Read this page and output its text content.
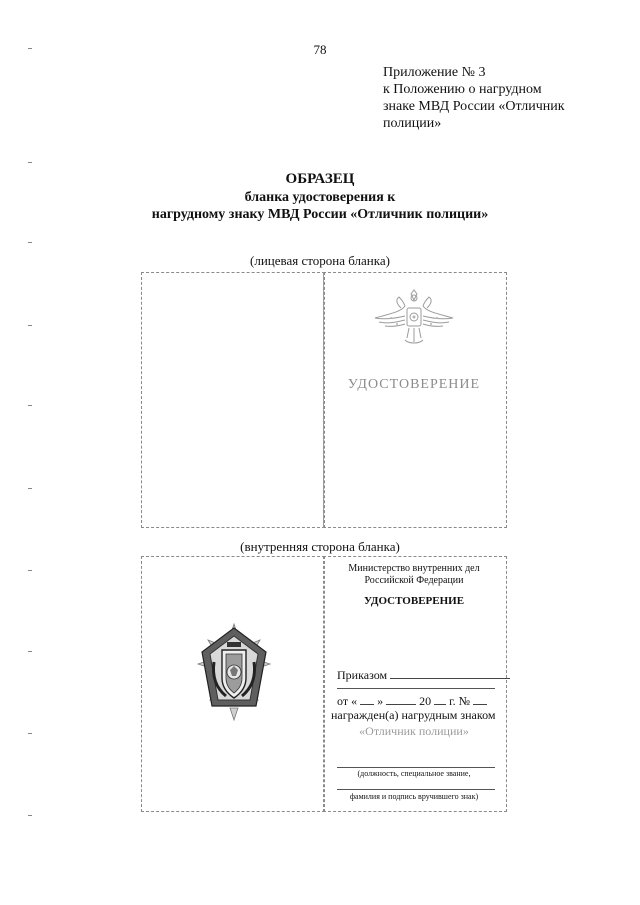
78
Приложение № 3
к Положению о нагрудном
знаке МВД России «Отличник
полиции»
ОБРАЗЕЦ
бланка удостоверения к
нагрудному знаку МВД России «Отличник полиции»
(лицевая сторона бланка)
УДОСТОВЕРЕНИЕ
(внутренняя сторона бланка)
Министерство внутренних дел
Российской Федерации
УДОСТОВЕРЕНИЕ
Приказом
от « »	20 г. №
награжден(а) нагрудным знаком
«Отличник полиции»
(должность, специальное звание,
фамилия и подпись вручившего знак)
